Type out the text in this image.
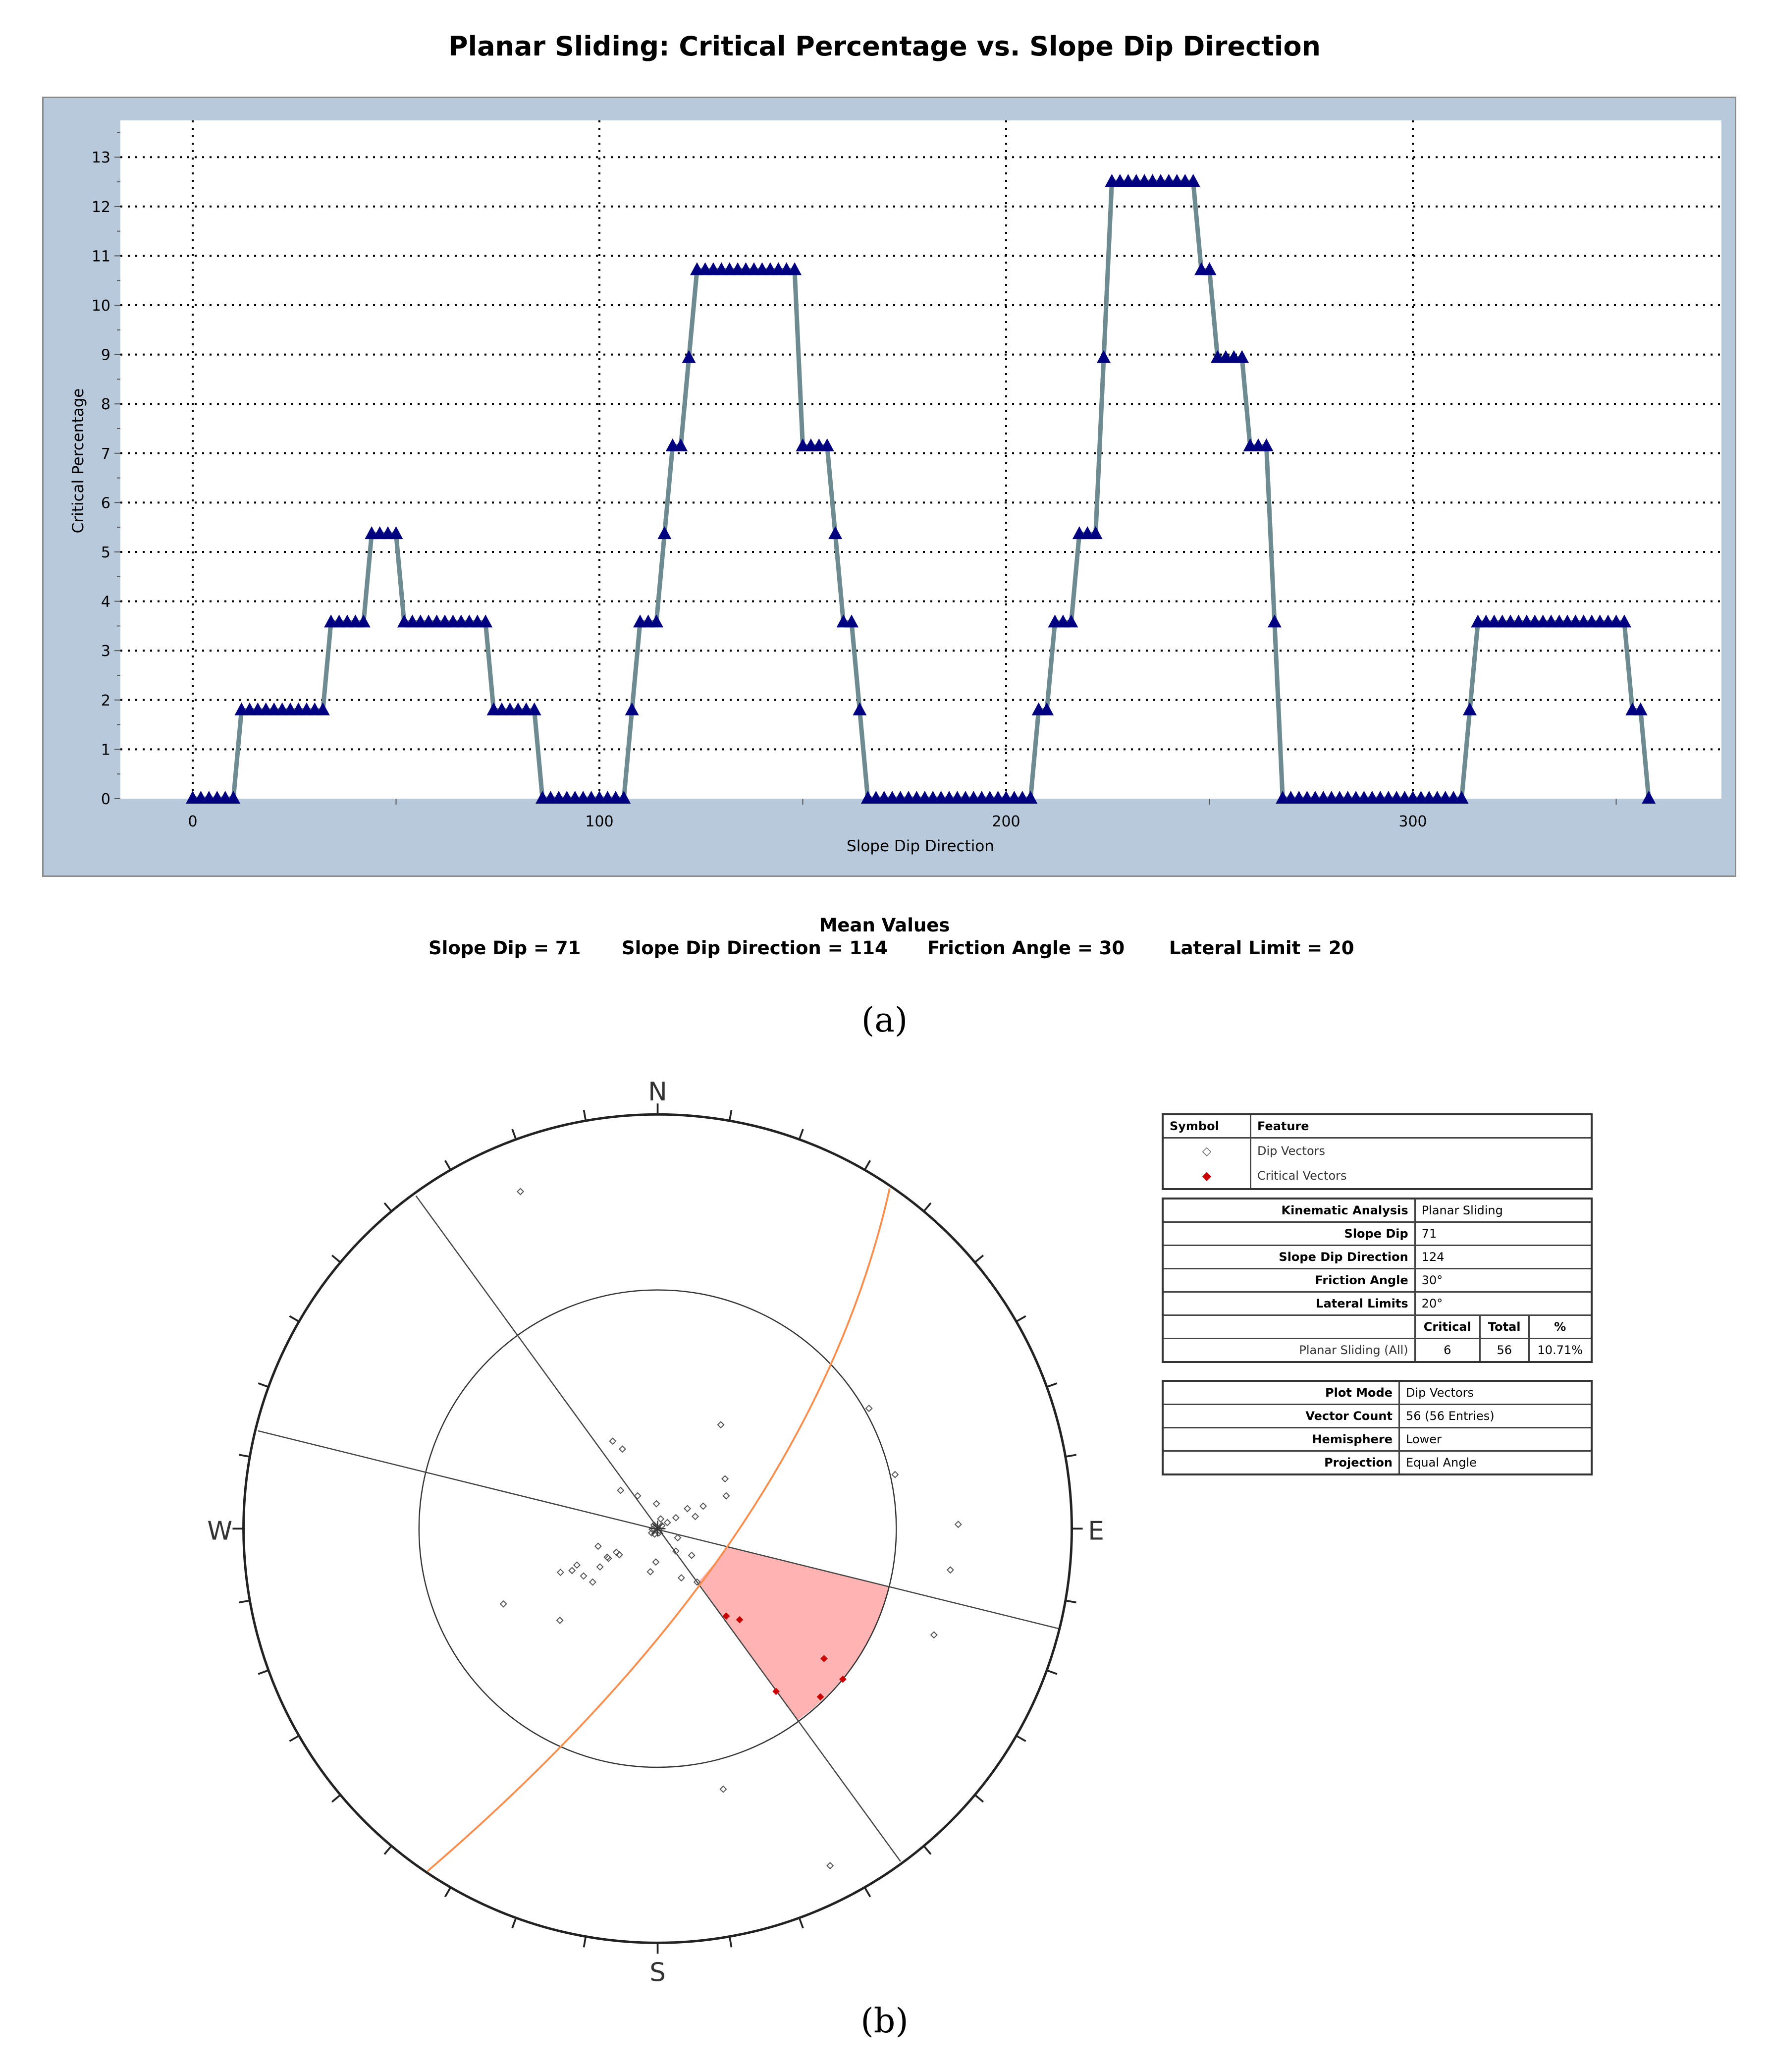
Planar Sliding: Critical Percentage vs. Slope Dip Direction
0
1
2
3
4
5
6
7
8
9
10
11
12
13
0	100	200	300
Slope Dip Direction
Critical Percentage
Mean Values
Slope Dip = 71 Slope Dip Direction = 114 Friction Angle = 30 Lateral Limit = 20
(a)
(b)
N
S
W	E
Symbol	Feature
◇	Dip Vectors
◆	Critical Vectors
Kinematic Analysis	Planar Sliding		
Slope Dip	71		
Slope Dip Direction	124		
Friction Angle	30°		
Lateral Limits	20°		
	Critical	Total	%
Planar Sliding (All)	6	56	10.71%
Plot Mode	Dip Vectors
Vector Count	56 (56 Entries)
Hemisphere	Lower
Projection	Equal Angle
